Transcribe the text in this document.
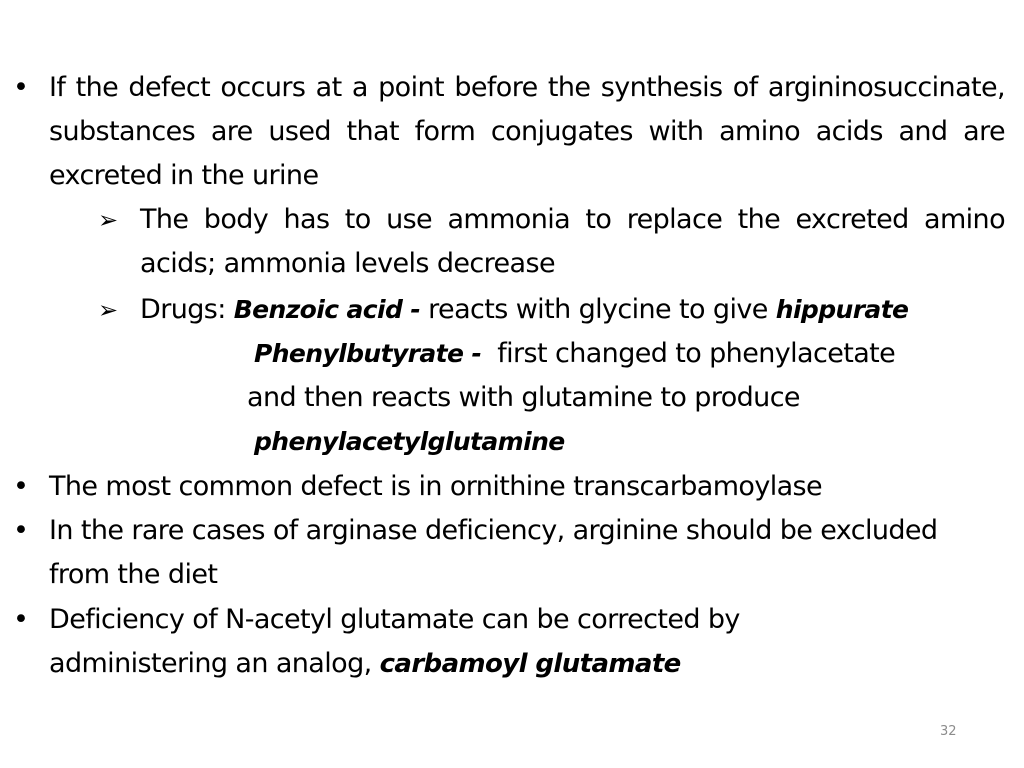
• If the defect occurs at a point before the synthesis of argininosuccinate, substances are used that form conjugates with amino acids and are excreted in the urine
➢ The body has to use ammonia to replace the excreted amino acids; ammonia levels decrease
➢ Drugs: Benzoic acid - reacts with glycine to give hippurate
Phenylbutyrate -  first changed to phenylacetate
and then reacts with glutamine to produce
phenylacetylglutamine
• The most common defect is in ornithine transcarbamoylase
• In the rare cases of arginase deficiency, arginine should be excluded from the diet
• Deficiency of N-acetyl glutamate can be corrected by administering an analog, carbamoyl glutamate
32
